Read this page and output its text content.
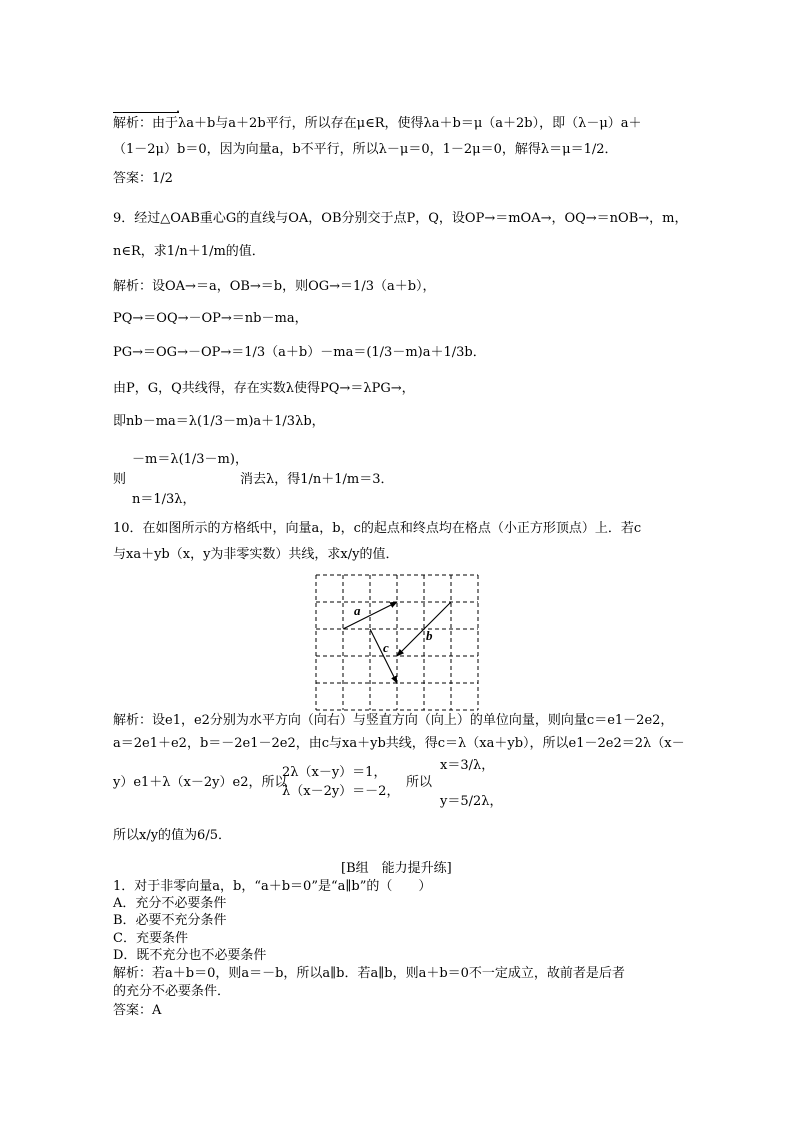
．
解析：由于λa＋b与a＋2b平行，所以存在μ∈R，使得λa＋b＝μ（a＋2b），即（λ－μ）a＋
（1－2μ）b＝0，因为向量a，b不平行，所以λ－μ＝0，1－2μ＝0，解得λ＝μ＝1/2．
答案：1/2
9．经过△OAB重心G的直线与OA，OB分别交于点P，Q，设OP→＝mOA→，OQ→＝nOB→，m，
n∈R，求1/n＋1/m的值．
解析：设OA→＝a，OB→＝b，则OG→＝1/3（a＋b），
PQ→＝OQ→－OP→＝nb－ma，
PG→＝OG→－OP→＝1/3（a＋b）－ma＝(1/3－m)a＋1/3b．
由P，G，Q共线得，存在实数λ使得PQ→＝λPG→，
即nb－ma＝λ(1/3－m)a＋1/3λb，
－m＝λ(1/3－m)，
则	消去λ，得1/n＋1/m＝3．
n＝1/3λ，
10．在如图所示的方格纸中，向量a，b，c的起点和终点均在格点（小正方形顶点）上．若c
与xa＋yb（x，y为非零实数）共线，求x/y的值．
a
b
c
解析：设e1，e2分别为水平方向（向右）与竖直方向（向上）的单位向量，则向量c＝e1－2e2，
a＝2e1＋e2，b＝－2e1－2e2，由c与xa＋yb共线，得c＝λ（xa＋yb），所以e1－2e2＝2λ（x－
y）e1＋λ（x－2y）e2，所以
2λ（x－y）＝1，
λ（x－2y）＝－2，
所以
x＝3/λ，
y＝5/2λ，
所以x/y的值为6/5．
[B组　能力提升练]
1．对于非零向量a，b，“a＋b＝0”是“a∥b”的（　　）
A．充分不必要条件
B．必要不充分条件
C．充要条件
D．既不充分也不必要条件
解析：若a＋b＝0，则a＝－b，所以a∥b．若a∥b，则a＋b＝0不一定成立，故前者是后者
的充分不必要条件．
答案：A
